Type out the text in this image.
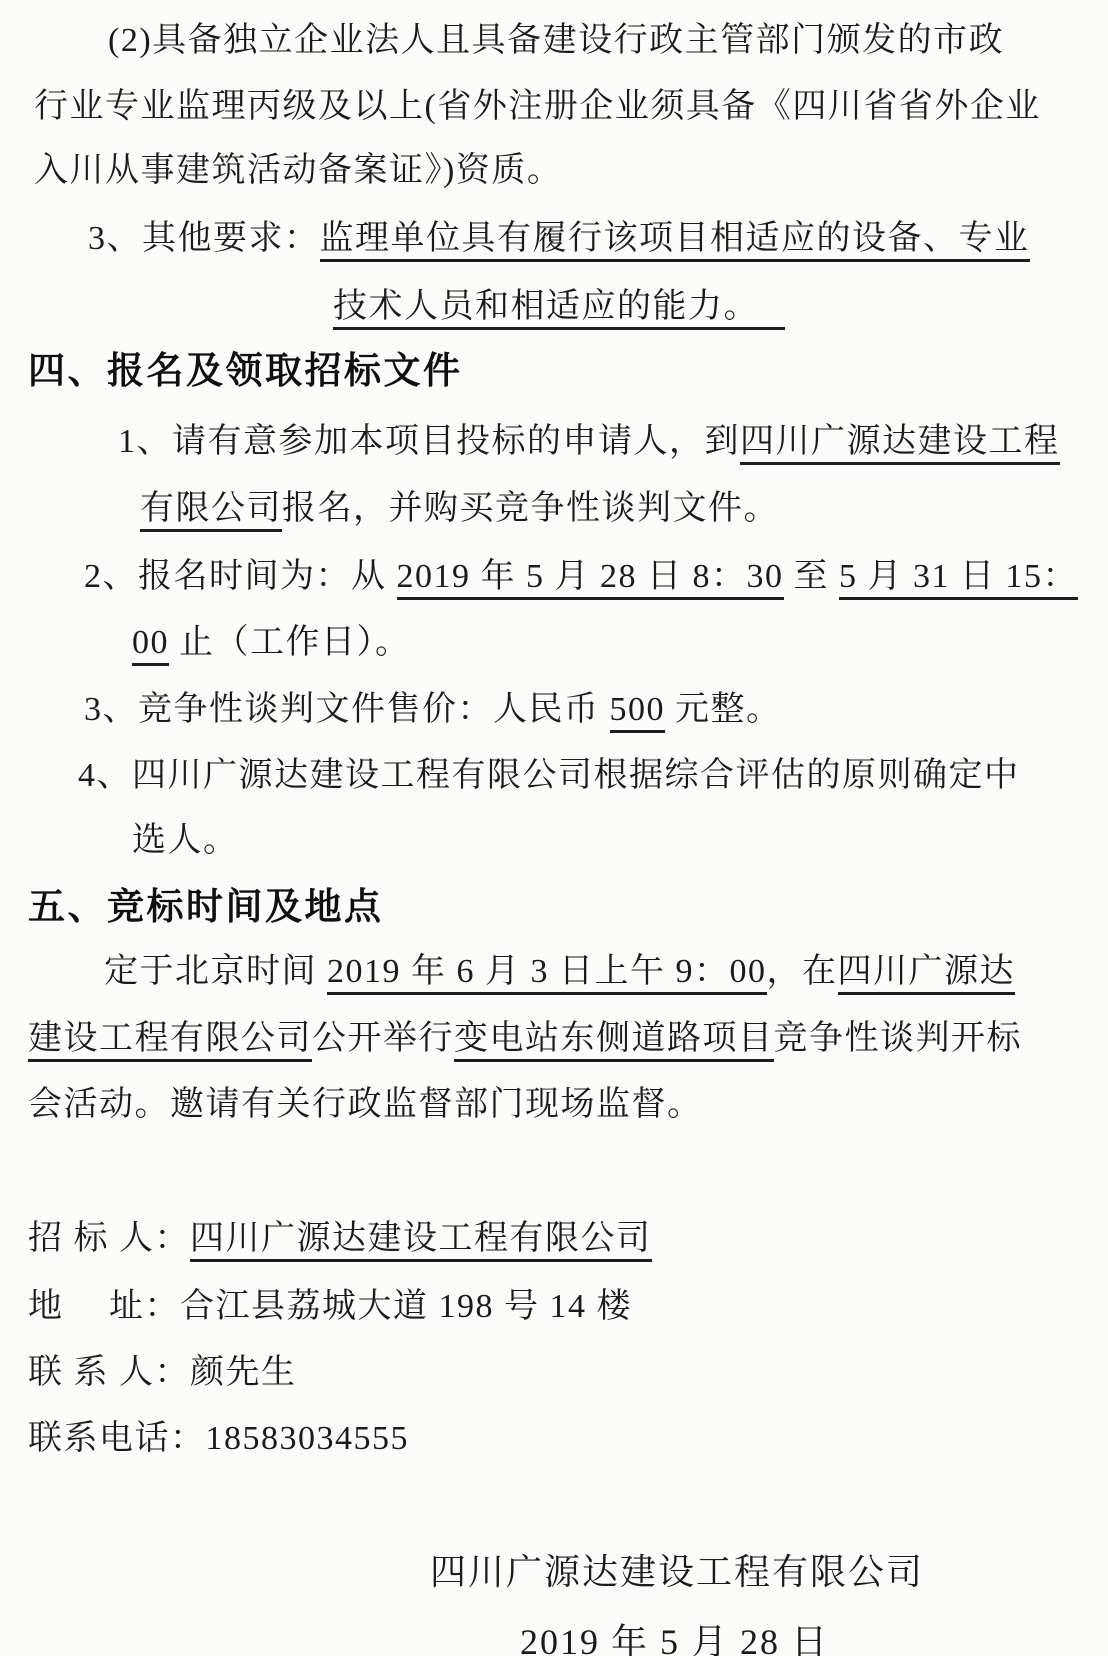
(2)具备独立企业法人且具备建设行政主管部门颁发的市政
行业专业监理丙级及以上(省外注册企业须具备《四川省省外企业
入川从事建筑活动备案证》)资质。
3、其他要求：监理单位具有履行该项目相适应的设备、专业
技术人员和相适应的能力。
四、报名及领取招标文件
1、请有意参加本项目投标的申请人，到四川广源达建设工程
有限公司报名，并购买竞争性谈判文件。
2、报名时间为：从 2019 年 5 月 28 日 8：30 至 5 月 31 日 15：
00 止（工作日）。
3、竞争性谈判文件售价：人民币 500 元整。
4、四川广源达建设工程有限公司根据综合评估的原则确定中
选人。
五、竞标时间及地点
定于北京时间 2019 年 6 月 3 日上午 9：00，在四川广源达
建设工程有限公司公开举行变电站东侧道路项目竞争性谈判开标
会活动。邀请有关行政监督部门现场监督。
招 标 人：四川广源达建设工程有限公司
地　 址：合江县荔城大道 198 号 14 楼
联 系 人：颜先生
联系电话：18583034555
四川广源达建设工程有限公司
2019 年 5 月 28 日
